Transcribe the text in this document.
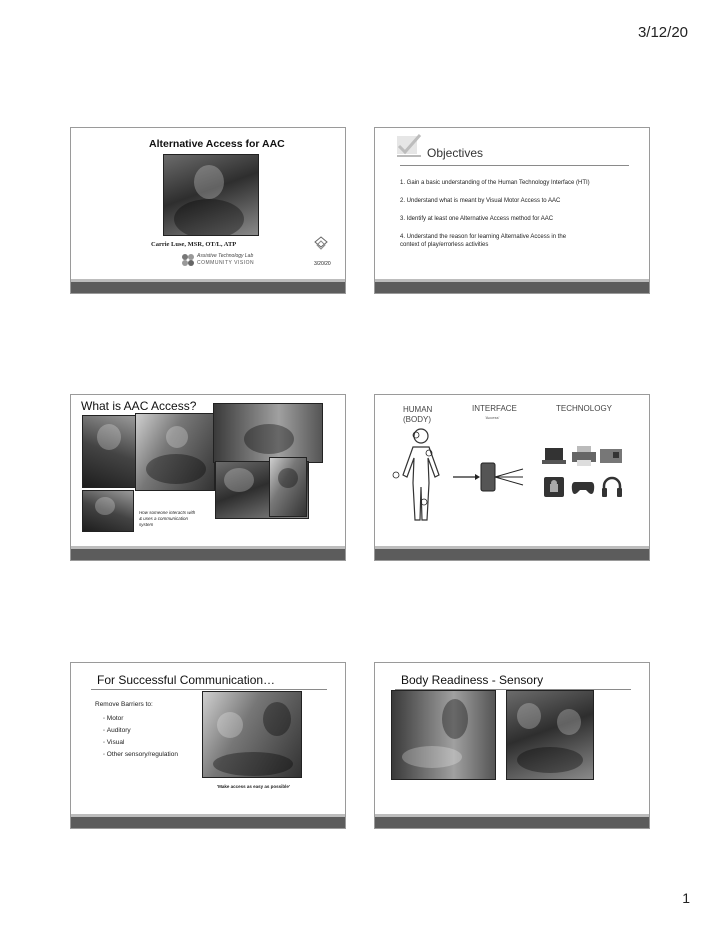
3/12/20
Alternative Access for AAC
Carrie Luse, MSR, OT/L, ATP
Assistive Technology Lab
COMMUNITY VISION	3/20/20
Objectives
1. Gain a basic understanding of the Human Technology Interface (HTI)
2. Understand what is meant by Visual Motor Access to AAC
3. Identify at least one Alternative Access method for AAC
4. Understand the reason for learning Alternative Access in the context of play/errorless activities
What is AAC Access?
How someone interacts with & uses a communication system
HUMAN
(BODY)
INTERFACE
'Access'
TECHNOLOGY
For Successful Communication…
Remove Barriers to:
◦ Motor
◦ Auditory
◦ Visual
◦ Other sensory/regulation
'Make access as easy as possible'
Body Readiness - Sensory
1
